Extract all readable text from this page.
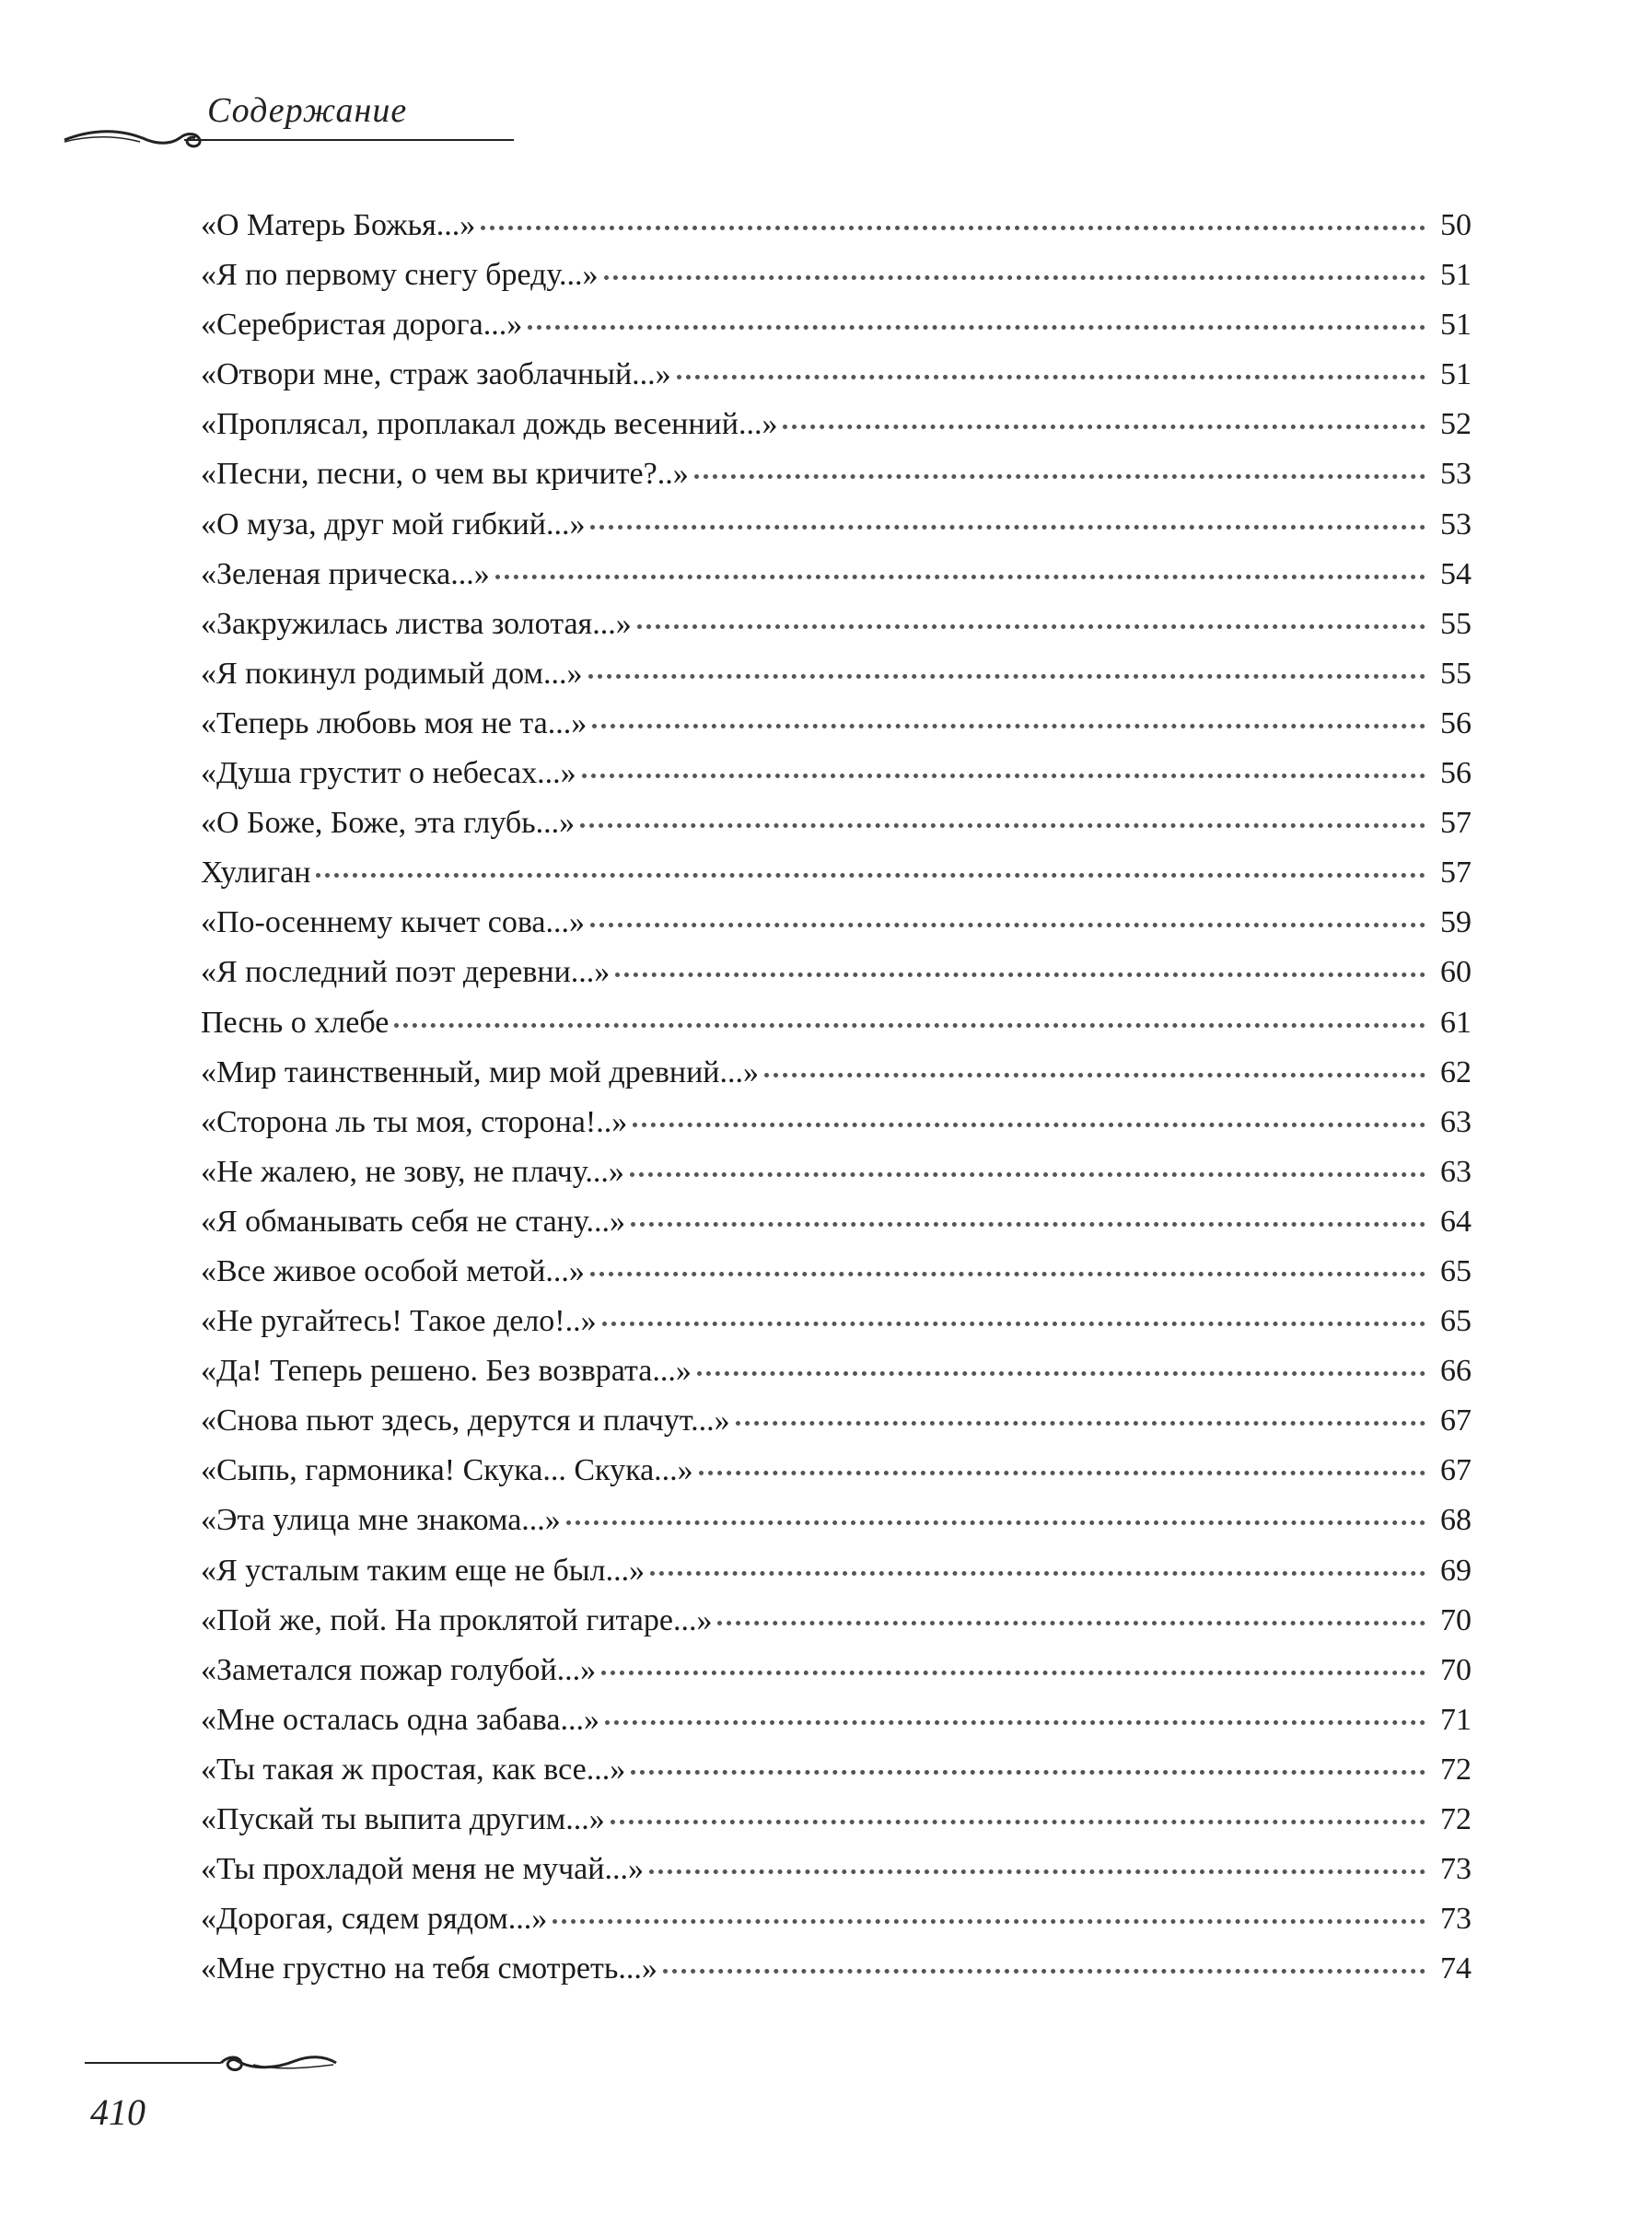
Содержание
«О Матерь Божья...»	50
«Я по первому снегу бреду...»	51
«Серебристая дорога...»	51
«Отвори мне, страж заоблачный...»	51
«Проплясал, проплакал дождь весенний...»	52
«Песни, песни, о чем вы кричите?..»	53
«О муза, друг мой гибкий...»	53
«Зеленая прическа...»	54
«Закружилась листва золотая...»	55
«Я покинул родимый дом...»	55
«Теперь любовь моя не та...»	56
«Душа грустит о небесах...»	56
«О Боже, Боже, эта глубь...»	57
Хулиган	57
«По-осеннему кычет сова...»	59
«Я последний поэт деревни...»	60
Песнь о хлебе	61
«Мир таинственный, мир мой древний...»	62
«Сторона ль ты моя, сторона!..»	63
«Не жалею, не зову, не плачу...»	63
«Я обманывать себя не стану...»	64
«Все живое особой метой...»	65
«Не ругайтесь! Такое дело!..»	65
«Да! Теперь решено. Без возврата...»	66
«Снова пьют здесь, дерутся и плачут...»	67
«Сыпь, гармоника! Скука... Скука...»	67
«Эта улица мне знакома...»	68
«Я усталым таким еще не был...»	69
«Пой же, пой. На проклятой гитаре...»	70
«Заметался пожар голубой...»	70
«Мне осталась одна забава...»	71
«Ты такая ж простая, как все...»	72
«Пускай ты выпита другим...»	72
«Ты прохладой меня не мучай...»	73
«Дорогая, сядем рядом...»	73
«Мне грустно на тебя смотреть...»	74
410
